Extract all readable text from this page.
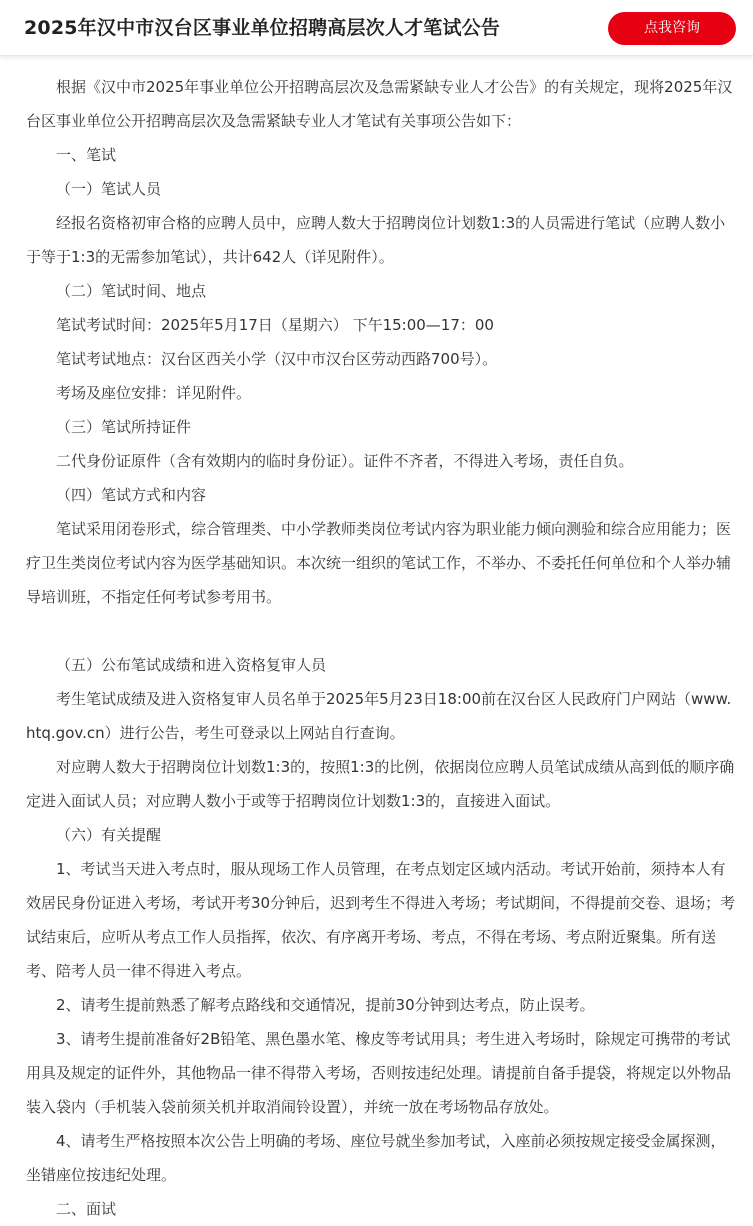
2025年汉中市汉台区事业单位招聘高层次人才笔试公告	点我咨询
根据《汉中市2025年事业单位公开招聘高层次及急需紧缺专业人才公告》的有关规定，现将2025年汉台区事业单位公开招聘高层次及急需紧缺专业人才笔试有关事项公告如下：
一、笔试
（一）笔试人员
经报名资格初审合格的应聘人员中，应聘人数大于招聘岗位计划数1:3的人员需进行笔试（应聘人数小于等于1:3的无需参加笔试），共计642人（详见附件）。
（二）笔试时间、地点
笔试考试时间：2025年5月17日（星期六） 下午15:00—17：00
笔试考试地点：汉台区西关小学（汉中市汉台区劳动西路700号）。
考场及座位安排：详见附件。
（三）笔试所持证件
二代身份证原件（含有效期内的临时身份证）。证件不齐者，不得进入考场，责任自负。
（四）笔试方式和内容
笔试采用闭卷形式，综合管理类、中小学教师类岗位考试内容为职业能力倾向测验和综合应用能力；医疗卫生类岗位考试内容为医学基础知识。本次统一组织的笔试工作，不举办、不委托任何单位和个人举办辅导培训班，不指定任何考试参考用书。
（五）公布笔试成绩和进入资格复审人员
考生笔试成绩及进入资格复审人员名单于2025年5月23日18:00前在汉台区人民政府门户网站（www.htq.gov.cn）进行公告，考生可登录以上网站自行查询。
对应聘人数大于招聘岗位计划数1:3的，按照1:3的比例，依据岗位应聘人员笔试成绩从高到低的顺序确定进入面试人员；对应聘人数小于或等于招聘岗位计划数1:3的，直接进入面试。
（六）有关提醒
1、考试当天进入考点时，服从现场工作人员管理，在考点划定区域内活动。考试开始前，须持本人有效居民身份证进入考场，考试开考30分钟后，迟到考生不得进入考场；考试期间，不得提前交卷、退场；考试结束后，应听从考点工作人员指挥，依次、有序离开考场、考点，不得在考场、考点附近聚集。所有送考、陪考人员一律不得进入考点。
2、请考生提前熟悉了解考点路线和交通情况，提前30分钟到达考点，防止误考。
3、请考生提前准备好2B铅笔、黑色墨水笔、橡皮等考试用具；考生进入考场时，除规定可携带的考试用具及规定的证件外，其他物品一律不得带入考场，否则按违纪处理。请提前自备手提袋，将规定以外物品装入袋内（手机装入袋前须关机并取消闹铃设置），并统一放在考场物品存放处。
4、请考生严格按照本次公告上明确的考场、座位号就坐参加考试，入座前必须按规定接受金属探测，坐错座位按违纪处理。
二、面试
